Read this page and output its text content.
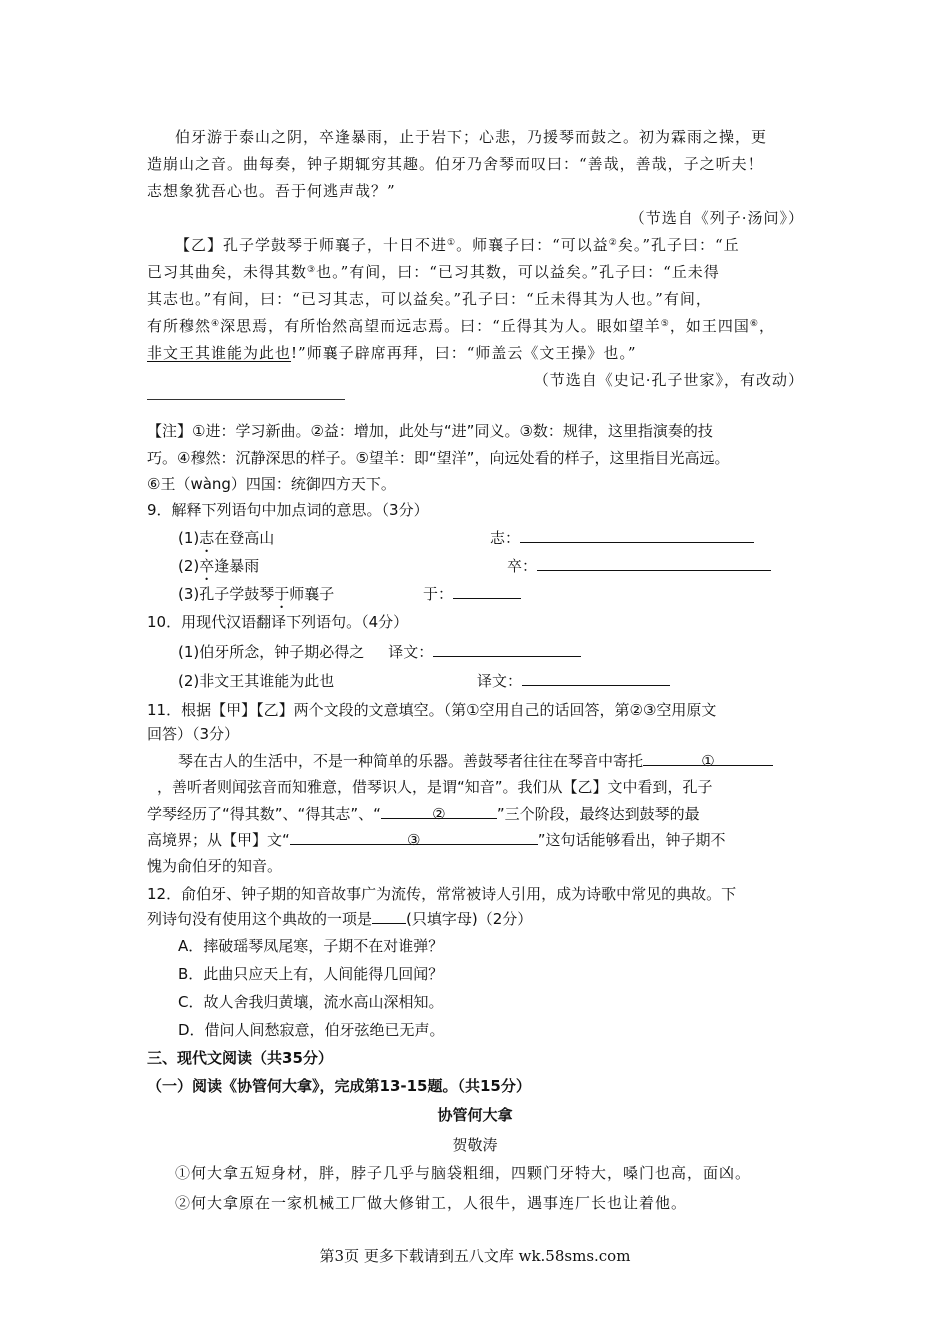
伯牙游于泰山之阴，卒逢暴雨，止于岩下；心悲，乃援琴而鼓之。初为霖雨之操，更
造崩山之音。曲每奏，钟子期辄穷其趣。伯牙乃舍琴而叹曰：“善哉，善哉，子之听夫！
志想象犹吾心也。吾于何逃声哉？”
（节选自《列子·汤问》）
【乙】孔子学鼓琴于师襄子，十日不进①。师襄子曰：“可以益②矣。”孔子曰：“丘
已习其曲矣，未得其数③也。”有间，曰：“已习其数，可以益矣。”孔子曰：“丘未得
其志也。”有间，曰：“已习其志，可以益矣。”孔子曰：“丘未得其为人也。”有间，
有所穆然④深思焉，有所怡然高望而远志焉。曰：“丘得其为人。眼如望羊⑤，如王四国⑥，
非文王其谁能为此也!”师襄子辟席再拜，曰：“师盖云《文王操》也。”
（节选自《史记·孔子世家》，有改动）
【注】①进：学习新曲。②益：增加，此处与“进”同义。③数：规律，这里指演奏的技
巧。④穆然：沉静深思的样子。⑤望羊：即“望洋”，向远处看的样子，这里指目光高远。
⑥王（wàng）四国：统御四方天下。
9．解释下列语句中加点词的意思。（3分）
(1)志在登高山	志：
(2)卒逢暴雨	卒：
(3)孔子学鼓琴于师襄子	于：
10．用现代汉语翻译下列语句。（4分）
(1)伯牙所念，钟子期必得之 译文：
(2)非文王其谁能为此也	译文：
11．根据【甲】【乙】两个文段的文意填空。（第①空用自己的话回答，第②③空用原文
回答）（3分）
琴在古人的生活中，不是一种简单的乐器。善鼓琴者往往在琴音中寄托	①
，善听者则闻弦音而知雅意，借琴识人，是谓“知音”。我们从【乙】文中看到，孔子
学琴经历了“得其数”、“得其志”、“	②	”三个阶段，最终达到鼓琴的最
高境界；从【甲】文“	③	”这句话能够看出，钟子期不
愧为俞伯牙的知音。
12．俞伯牙、钟子期的知音故事广为流传，常常被诗人引用，成为诗歌中常见的典故。下
列诗句没有使用这个典故的一项是 (只填字母)（2分）
A．摔破瑶琴凤尾寒，子期不在对谁弹？
B．此曲只应天上有，人间能得几回闻？
C．故人舍我归黄壤，流水高山深相知。
D．借问人间愁寂意，伯牙弦绝已无声。
三、现代文阅读（共35分）
（一）阅读《协管何大拿》，完成第13-15题。（共15分）
协管何大拿
贺敬涛
①何大拿五短身材，胖，脖子几乎与脑袋粗细，四颗门牙特大，嗓门也高，面凶。
②何大拿原在一家机械工厂做大修钳工，人很牛，遇事连厂长也让着他。
第3页 更多下载请到五八文库 wk.58sms.com
